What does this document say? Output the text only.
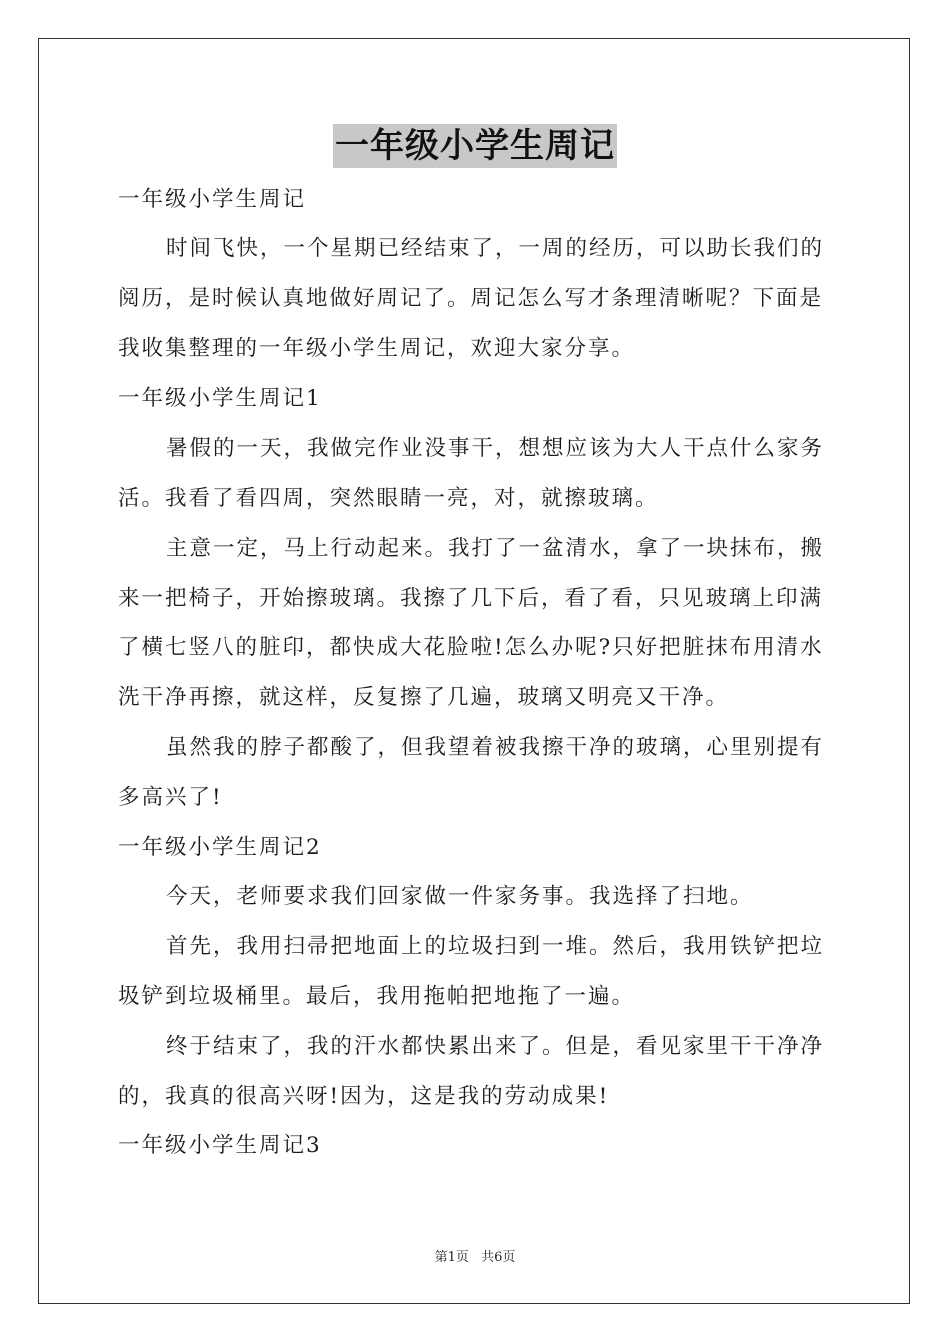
一年级小学生周记
一年级小学生周记
时间飞快，一个星期已经结束了，一周的经历，可以助长我们的
阅历，是时候认真地做好周记了。周记怎么写才条理清晰呢？下面是
我收集整理的一年级小学生周记，欢迎大家分享。
一年级小学生周记1
暑假的一天，我做完作业没事干，想想应该为大人干点什么家务
活。我看了看四周，突然眼睛一亮，对，就擦玻璃。
主意一定，马上行动起来。我打了一盆清水，拿了一块抹布，搬
来一把椅子，开始擦玻璃。我擦了几下后，看了看，只见玻璃上印满
了横七竖八的脏印，都快成大花脸啦!怎么办呢?只好把脏抹布用清水
洗干净再擦，就这样，反复擦了几遍，玻璃又明亮又干净。
虽然我的脖子都酸了，但我望着被我擦干净的玻璃，心里别提有
多高兴了!
一年级小学生周记2
今天，老师要求我们回家做一件家务事。我选择了扫地。
首先，我用扫帚把地面上的垃圾扫到一堆。然后，我用铁铲把垃
圾铲到垃圾桶里。最后，我用拖帕把地拖了一遍。
终于结束了，我的汗水都快累出来了。但是，看见家里干干净净
的，我真的很高兴呀!因为，这是我的劳动成果!
一年级小学生周记3
第1页 共6页
